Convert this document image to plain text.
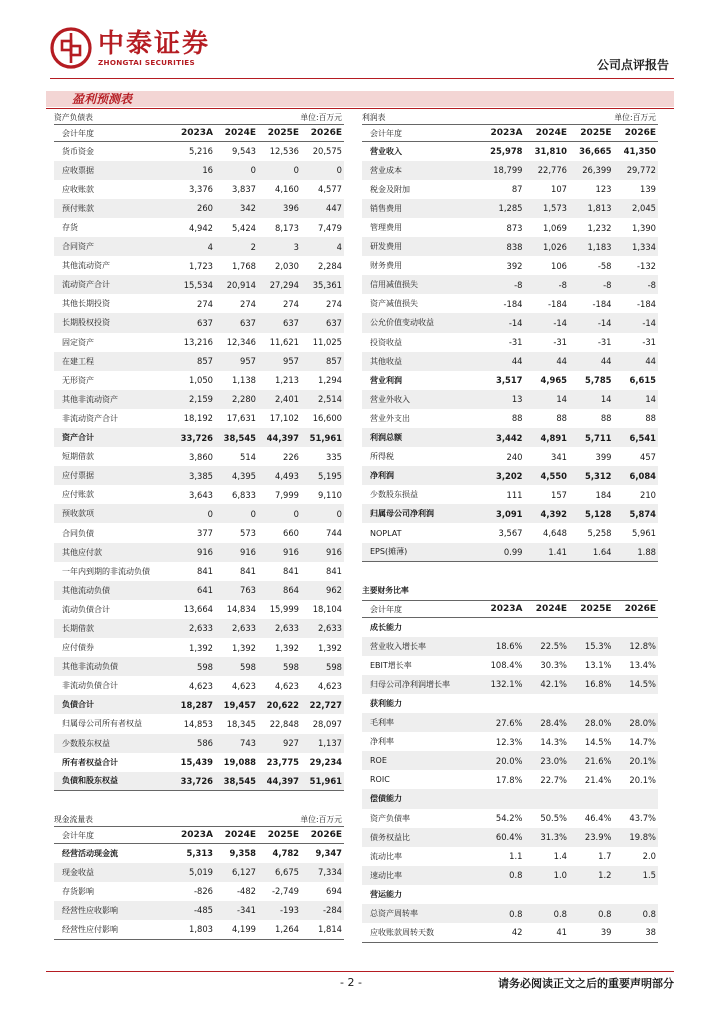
中泰证券
ZHONGTAI SECURITIES	公司点评报告
盈利预测表
资产负债表	单位:百万元
会计年度	2023A	2024E	2025E	2026E
货币资金	5,216	9,543	12,536	20,575
应收票据	16	0	0	0
应收账款	3,376	3,837	4,160	4,577
预付账款	260	342	396	447
存货	4,942	5,424	8,173	7,479
合同资产	4	2	3	4
其他流动资产	1,723	1,768	2,030	2,284
流动资产合计	15,534	20,914	27,294	35,361
其他长期投资	274	274	274	274
长期股权投资	637	637	637	637
固定资产	13,216	12,346	11,621	11,025
在建工程	857	957	957	857
无形资产	1,050	1,138	1,213	1,294
其他非流动资产	2,159	2,280	2,401	2,514
非流动资产合计	18,192	17,631	17,102	16,600
资产合计	33,726	38,545	44,397	51,961
短期借款	3,860	514	226	335
应付票据	3,385	4,395	4,493	5,195
应付账款	3,643	6,833	7,999	9,110
预收款项	0	0	0	0
合同负债	377	573	660	744
其他应付款	916	916	916	916
一年内到期的非流动负债	841	841	841	841
其他流动负债	641	763	864	962
流动负债合计	13,664	14,834	15,999	18,104
长期借款	2,633	2,633	2,633	2,633
应付债券	1,392	1,392	1,392	1,392
其他非流动负债	598	598	598	598
非流动负债合计	4,623	4,623	4,623	4,623
负债合计	18,287	19,457	20,622	22,727
归属母公司所有者权益	14,853	18,345	22,848	28,097
少数股东权益	586	743	927	1,137
所有者权益合计	15,439	19,088	23,775	29,234
负债和股东权益	33,726	38,545	44,397	51,961

利润表	单位:百万元
会计年度	2023A	2024E	2025E	2026E
营业收入	25,978	31,810	36,665	41,350
营业成本	18,799	22,776	26,399	29,772
税金及附加	87	107	123	139
销售费用	1,285	1,573	1,813	2,045
管理费用	873	1,069	1,232	1,390
研发费用	838	1,026	1,183	1,334
财务费用	392	106	-58	-132
信用减值损失	-8	-8	-8	-8
资产减值损失	-184	-184	-184	-184
公允价值变动收益	-14	-14	-14	-14
投资收益	-31	-31	-31	-31
其他收益	44	44	44	44
营业利润	3,517	4,965	5,785	6,615
营业外收入	13	14	14	14
营业外支出	88	88	88	88
利润总额	3,442	4,891	5,711	6,541
所得税	240	341	399	457
净利润	3,202	4,550	5,312	6,084
少数股东损益	111	157	184	210
归属母公司净利润	3,091	4,392	5,128	5,874
NOPLAT	3,567	4,648	5,258	5,961
EPS(摊薄)	0.99	1.41	1.64	1.88

主要财务比率
会计年度	2023A	2024E	2025E	2026E
成长能力				
营业收入增长率	18.6%	22.5%	15.3%	12.8%
EBIT增长率	108.4%	30.3%	13.1%	13.4%
归母公司净利润增长率	132.1%	42.1%	16.8%	14.5%
获利能力				
毛利率	27.6%	28.4%	28.0%	28.0%
净利率	12.3%	14.3%	14.5%	14.7%
ROE	20.0%	23.0%	21.6%	20.1%
ROIC	17.8%	22.7%	21.4%	20.1%
偿债能力				
资产负债率	54.2%	50.5%	46.4%	43.7%
债务权益比	60.4%	31.3%	23.9%	19.8%
流动比率	1.1	1.4	1.7	2.0
速动比率	0.8	1.0	1.2	1.5
营运能力				
总资产周转率	0.8	0.8	0.8	0.8
应收账款周转天数	42	41	39	38

现金流量表	单位:百万元
会计年度	2023A	2024E	2025E	2026E
经营活动现金流	5,313	9,358	4,782	9,347
现金收益	5,019	6,127	6,675	7,334
存货影响	-826	-482	-2,749	694
经营性应收影响	-485	-341	-193	-284
经营性应付影响	1,803	4,199	1,264	1,814

- 2 -	请务必阅读正文之后的重要声明部分
